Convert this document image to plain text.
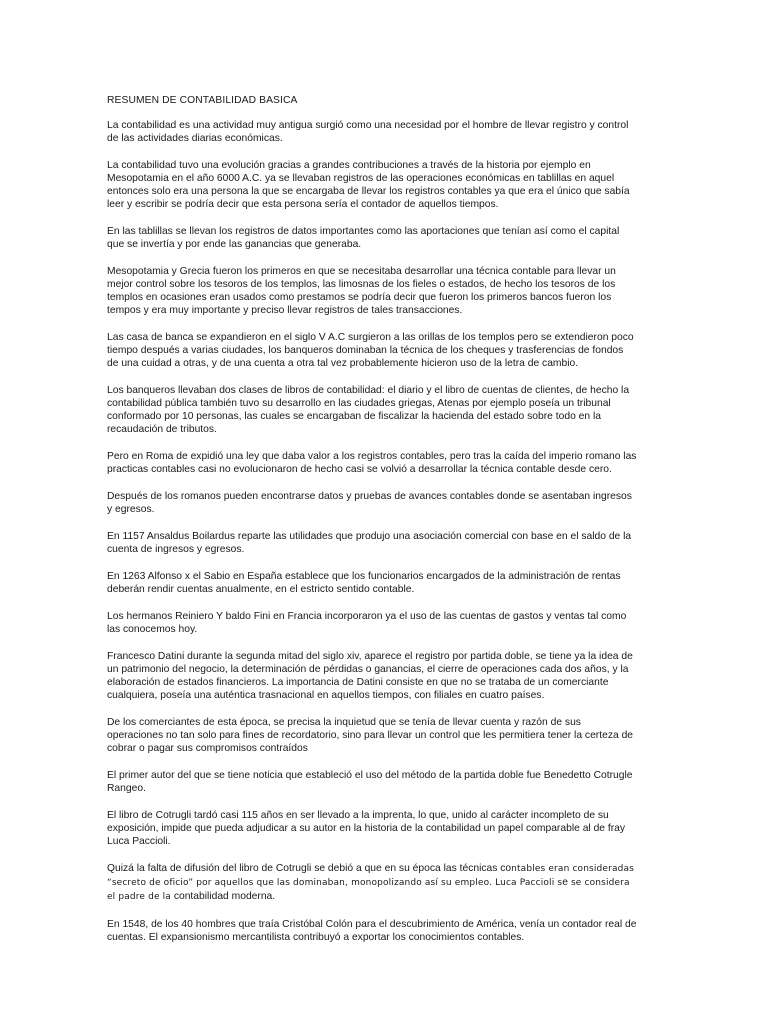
RESUMEN DE CONTABILIDAD BASICA

La contabilidad es una actividad muy antigua surgió como una necesidad por el hombre de llevar registro y control de las actividades diarias económicas.

La contabilidad tuvo una evolución gracias a grandes contribuciones a través de la historia por ejemplo en Mesopotamia en el año 6000 A.C. ya se llevaban registros de las operaciones económicas en tablillas en aquel entonces solo era una persona la que se encargaba de llevar los registros contables ya que era el único que sabía leer y escribir se podría decir que esta persona sería el contador de aquellos tiempos.

En las tablillas se llevan los registros de datos importantes como las aportaciones que tenían así como el capital que se invertía y por ende las ganancias que generaba.

Mesopotamia y Grecia fueron los primeros en que se necesitaba desarrollar una técnica contable para llevar un mejor control sobre los tesoros de los templos, las limosnas de los fieles o estados, de hecho los tesoros de los templos en ocasiones eran usados como prestamos se podría decir que fueron los primeros bancos fueron los tempos y era muy importante y preciso llevar registros de tales transacciones.

Las casa de banca se expandieron en el siglo V A.C surgieron a las orillas de los templos pero se extendieron poco tiempo después a varias ciudades, los banqueros dominaban la técnica de los cheques y trasferencias de fondos de una cuidad a otras, y de una cuenta a otra tal vez probablemente hicieron uso de la letra de cambio.

Los banqueros llevaban dos clases de libros de contabilidad: el diario y el libro de cuentas de clientes, de hecho la contabilidad pública también tuvo su desarrollo en las ciudades griegas, Atenas por ejemplo poseía un tribunal conformado por 10 personas, las cuales se encargaban de fiscalizar la hacienda del estado sobre todo en la recaudación de tributos.

Pero en Roma de expidió una ley que daba valor a los registros contables, pero tras la caída del imperio romano las practicas contables casi no evolucionaron de hecho casi se volvió a desarrollar la técnica contable desde cero.

Después de los romanos pueden encontrarse datos y pruebas de avances contables donde se asentaban ingresos y egresos.

En 1157 Ansaldus Boilardus reparte las utilidades que produjo una asociación comercial con base en el saldo de la cuenta de ingresos y egresos.

En 1263 Alfonso x el Sabio en España establece que los funcionarios encargados de la administración de rentas deberán rendir cuentas anualmente, en el estricto sentido contable.

Los hermanos Reiniero Y baldo Fini en Francia incorporaron ya el uso de las cuentas de gastos y ventas tal como las conocemos hoy.

Francesco Datini durante la segunda mitad del siglo xiv, aparece el registro por partida doble, se tiene ya la idea de un patrimonio del negocio, la determinación de pérdidas o ganancias, el cierre de operaciones cada dos años, y la elaboración de estados financieros. La importancia de Datini consiste en que no se trataba de un comerciante cualquiera, poseía una auténtica trasnacional en aquellos tiempos, con filiales en cuatro países.

De los comerciantes de esta época, se precisa la inquietud que se tenía de llevar cuenta y razón de sus operaciones no tan solo para fines de recordatorio, sino para llevar un control que les permitiera tener la certeza de cobrar o pagar sus compromisos contraídos

El primer autor del que se tiene noticia que estableció el uso del método de la partida doble fue Benedetto Cotrugle Rangeo.

El libro de Cotrugli tardó casi 115 años en ser llevado a la imprenta, lo que, unido al carácter incompleto de su exposición, impide que pueda adjudicar a su autor en la historia de la contabilidad un papel comparable al de fray Luca Paccioli.

Quizá la falta de difusión del libro de Cotrugli se debió a que en su época las técnicas contables eran consideradas “secreto de oficio” por aquellos que las dominaban, monopolizando así su empleo. Luca Paccioli se se considera el padre de la contabilidad moderna.

En 1548, de los 40 hombres que traía Cristóbal Colón para el descubrimiento de América, venía un contador real de cuentas. El expansionismo mercantilista contribuyó a exportar los conocimientos contables.
